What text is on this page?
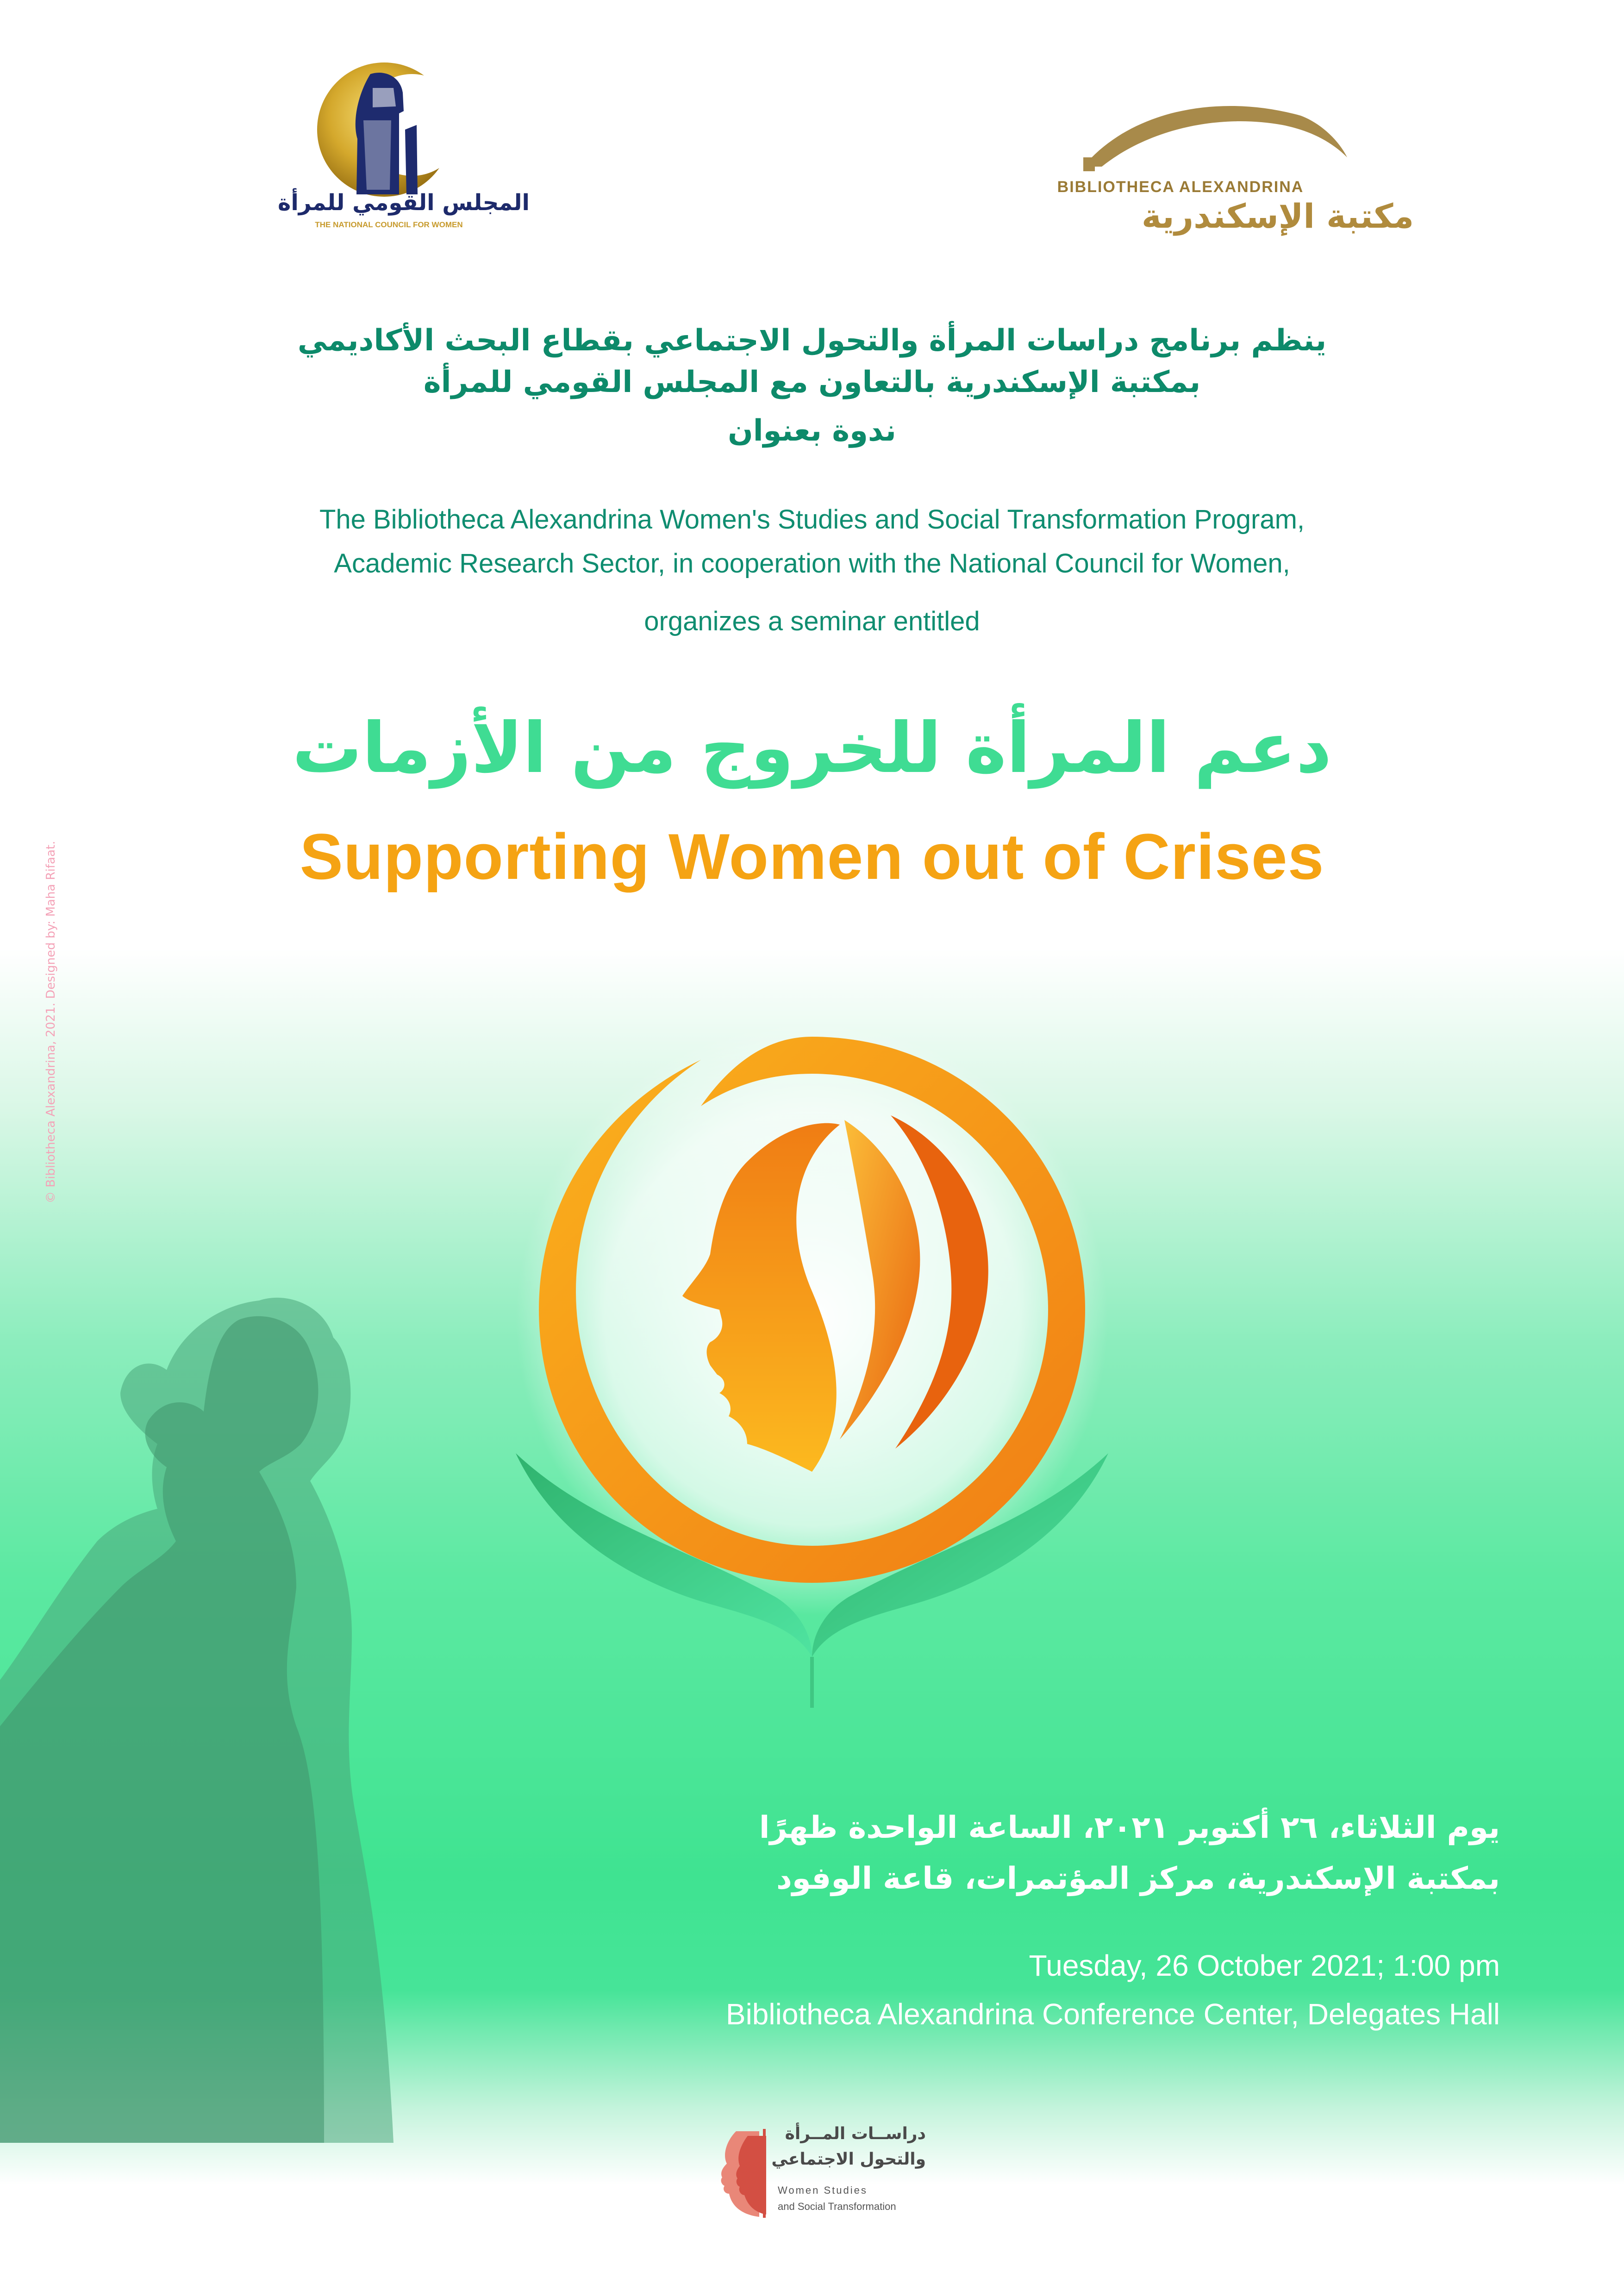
المجلس القومي للمرأة
THE NATIONAL COUNCIL FOR WOMEN
BIBLIOTHECA ALEXANDRINA
مكتبة الإسكندرية
ينظم برنامج دراسات المرأة والتحول الاجتماعي بقطاع البحث الأكاديمي
بمكتبة الإسكندرية بالتعاون مع المجلس القومي للمرأة
ندوة بعنوان
The Bibliotheca Alexandrina Women's Studies and Social Transformation Program,
Academic Research Sector, in cooperation with the National Council for Women,
organizes a seminar entitled
دعم المرأة للخروج من الأزمات
Supporting Women out of Crises
© Bibliotheca Alexandrina, 2021. Designed by: Maha Rifaat.
يوم الثلاثاء، ٢٦ أكتوبر ٢٠٢١، الساعة الواحدة ظهرًا
بمكتبة الإسكندرية، مركز المؤتمرات، قاعة الوفود
Tuesday, 26 October 2021; 1:00 pm
Bibliotheca Alexandrina Conference Center, Delegates Hall
دراســات المــرأة
والتحول الاجتماعي
Women Studies
and Social Transformation
